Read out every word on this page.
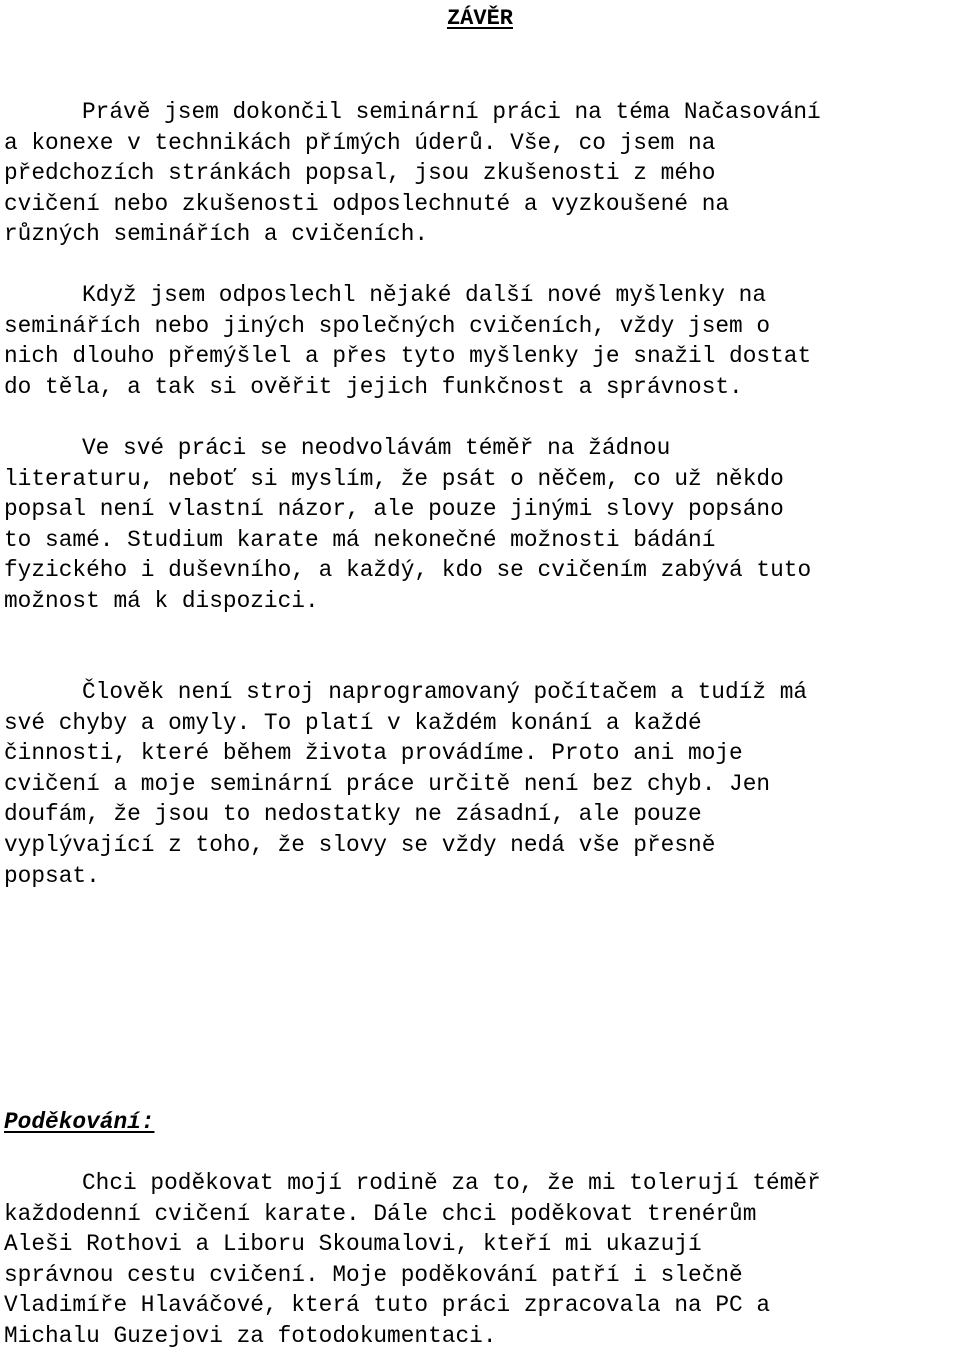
ZÁVĚR
Právě jsem dokončil seminární práci na téma Načasování
a konexe v technikách přímých úderů. Vše, co jsem na
předchozích stránkách popsal, jsou zkušenosti z mého
cvičení nebo zkušenosti odposlechnuté a vyzkoušené na
různých seminářích a cvičeních.
Když jsem odposlechl nějaké další nové myšlenky na
seminářích nebo jiných společných cvičeních, vždy jsem o
nich dlouho přemýšlel a přes tyto myšlenky je snažil dostat
do těla, a tak si ověřit jejich funkčnost a správnost.
Ve své práci se neodvolávám téměř na žádnou
literaturu, neboť si myslím, že psát o něčem, co už někdo
popsal není vlastní názor, ale pouze jinými slovy popsáno
to samé. Studium karate má nekonečné možnosti bádání
fyzického i duševního, a každý, kdo se cvičením zabývá tuto
možnost má k dispozici.
Člověk není stroj naprogramovaný počítačem a tudíž má
své chyby a omyly. To platí v každém konání a každé
činnosti, které během života provádíme. Proto ani moje
cvičení a moje seminární práce určitě není bez chyb. Jen
doufám, že jsou to nedostatky ne zásadní, ale pouze
vyplývající z toho, že slovy se vždy nedá vše přesně
popsat.
Poděkování:
Chci poděkovat mojí rodině za to, že mi tolerují téměř
každodenní cvičení karate. Dále chci poděkovat trenérům
Aleši Rothovi a Liboru Skoumalovi, kteří mi ukazují
správnou cestu cvičení. Moje poděkování patří i slečně
Vladimíře Hlaváčové, která tuto práci zpracovala na PC a
Michalu Guzejovi za fotodokumentaci.
